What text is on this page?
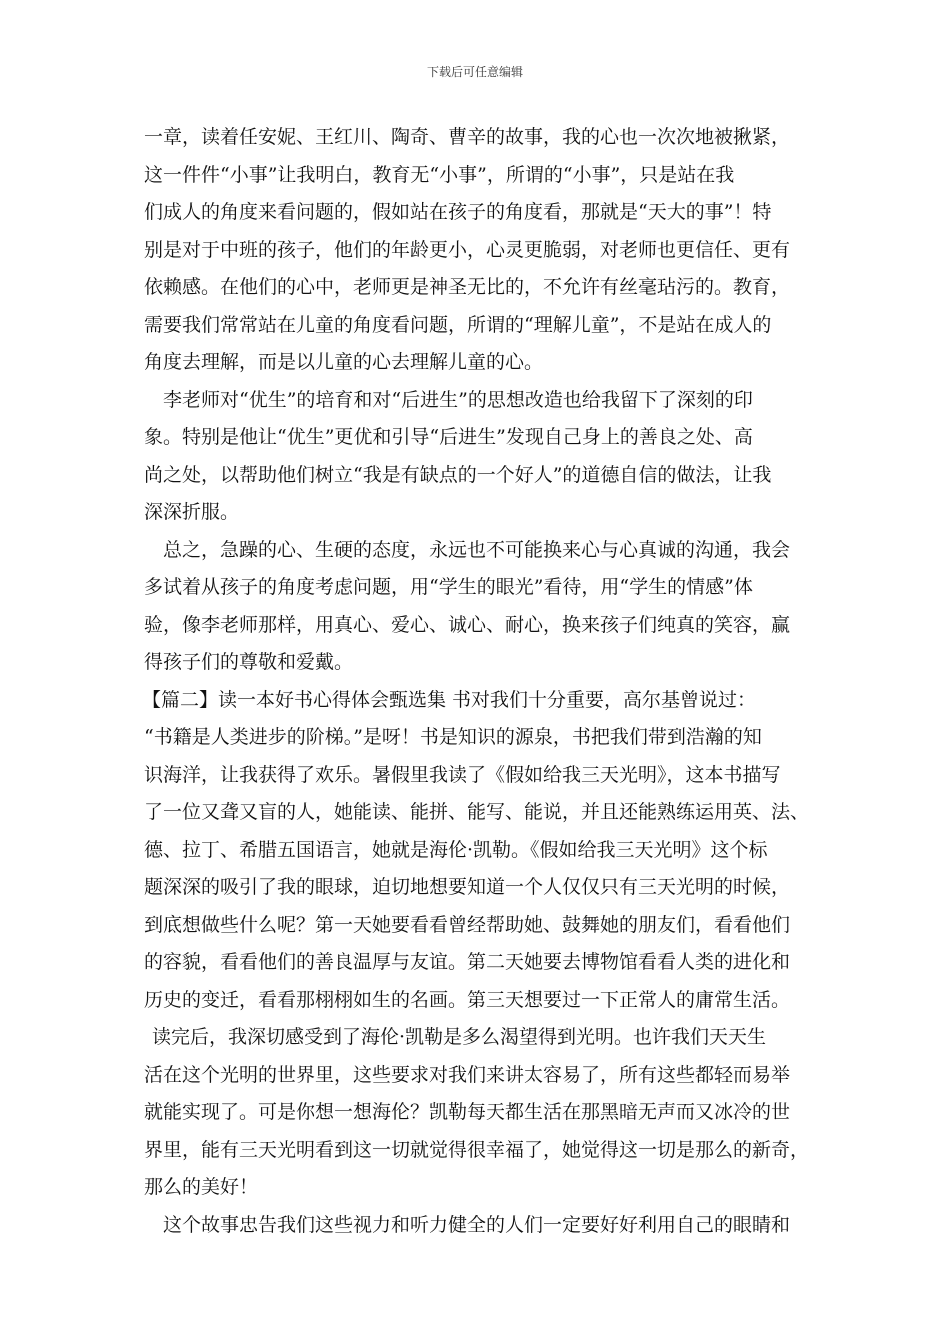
下载后可任意编辑
一章，读着任安妮、王红川、陶奇、曹辛的故事，我的心也一次次地被揪紧，
这一件件“小事”让我明白，教育无“小事”，所谓的“小事”，只是站在我
们成人的角度来看问题的，假如站在孩子的角度看，那就是“天大的事”！特
别是对于中班的孩子，他们的年龄更小，心灵更脆弱，对老师也更信任、更有
依赖感。在他们的心中，老师更是神圣无比的，不允许有丝毫玷污的。教育，
需要我们常常站在儿童的角度看问题，所谓的“理解儿童”，不是站在成人的
角度去理解，而是以儿童的心去理解儿童的心。
李老师对“优生”的培育和对“后进生”的思想改造也给我留下了深刻的印
象。特别是他让“优生”更优和引导“后进生”发现自己身上的善良之处、高
尚之处，以帮助他们树立“我是有缺点的一个好人”的道德自信的做法，让我
深深折服。
总之，急躁的心、生硬的态度，永远也不可能换来心与心真诚的沟通，我会
多试着从孩子的角度考虑问题，用“学生的眼光”看待，用“学生的情感”体
验，像李老师那样，用真心、爱心、诚心、耐心，换来孩子们纯真的笑容，赢
得孩子们的尊敬和爱戴。
【篇二】读一本好书心得体会甄选集 书对我们十分重要，高尔基曾说过：
“书籍是人类进步的阶梯。”是呀！书是知识的源泉，书把我们带到浩瀚的知
识海洋，让我获得了欢乐。暑假里我读了《假如给我三天光明》，这本书描写
了一位又聋又盲的人，她能读、能拼、能写、能说，并且还能熟练运用英、法、
德、拉丁、希腊五国语言，她就是海伦·凯勒。《假如给我三天光明》这个标
题深深的吸引了我的眼球，迫切地想要知道一个人仅仅只有三天光明的时候，
到底想做些什么呢？第一天她要看看曾经帮助她、鼓舞她的朋友们，看看他们
的容貌，看看他们的善良温厚与友谊。第二天她要去博物馆看看人类的进化和
历史的变迁，看看那栩栩如生的名画。第三天想要过一下正常人的庸常生活。
读完后，我深切感受到了海伦·凯勒是多么渴望得到光明。也许我们天天生
活在这个光明的世界里，这些要求对我们来讲太容易了，所有这些都轻而易举
就能实现了。可是你想一想海伦？凯勒每天都生活在那黑暗无声而又冰冷的世
界里，能有三天光明看到这一切就觉得很幸福了，她觉得这一切是那么的新奇，
那么的美好！
这个故事忠告我们这些视力和听力健全的人们一定要好好利用自己的眼睛和
